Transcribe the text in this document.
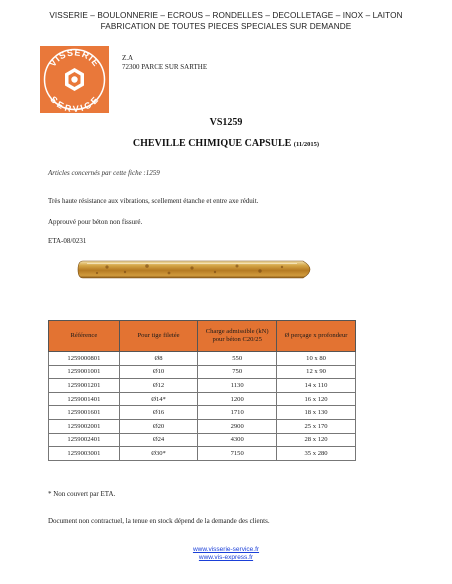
VISSERIE – BOULONNERIE – ECROUS – RONDELLES – DECOLLETAGE – INOX – LAITON
FABRICATION DE TOUTES PIECES SPECIALES SUR DEMANDE
VISSERIE
SERVICE
Z.A
72300 PARCE SUR SARTHE
VS1259
CHEVILLE CHIMIQUE CAPSULE (11/2015)
Articles concernés par cette fiche :1259
Très haute résistance aux vibrations, scellement étanche et entre axe réduit.
Approuvé pour béton non fissuré.
ETA-08/0231
Référence	Pour tige filetée	Charge admissible (kN) pour béton C20/25	Ø perçage x profondeur
1259000801	Ø8	550	10 x 80
1259001001	Ø10	750	12 x 90
1259001201	Ø12	1130	14 x 110
1259001401	Ø14*	1200	16 x 120
1259001601	Ø16	1710	18 x 130
1259002001	Ø20	2900	25 x 170
1259002401	Ø24	4300	28 x 120
1259003001	Ø30*	7150	35 x 280
* Non couvert par ETA.
Document non contractuel, la tenue en stock dépend de la demande des clients.
www.visserie-service.fr
www.vis-express.fr
